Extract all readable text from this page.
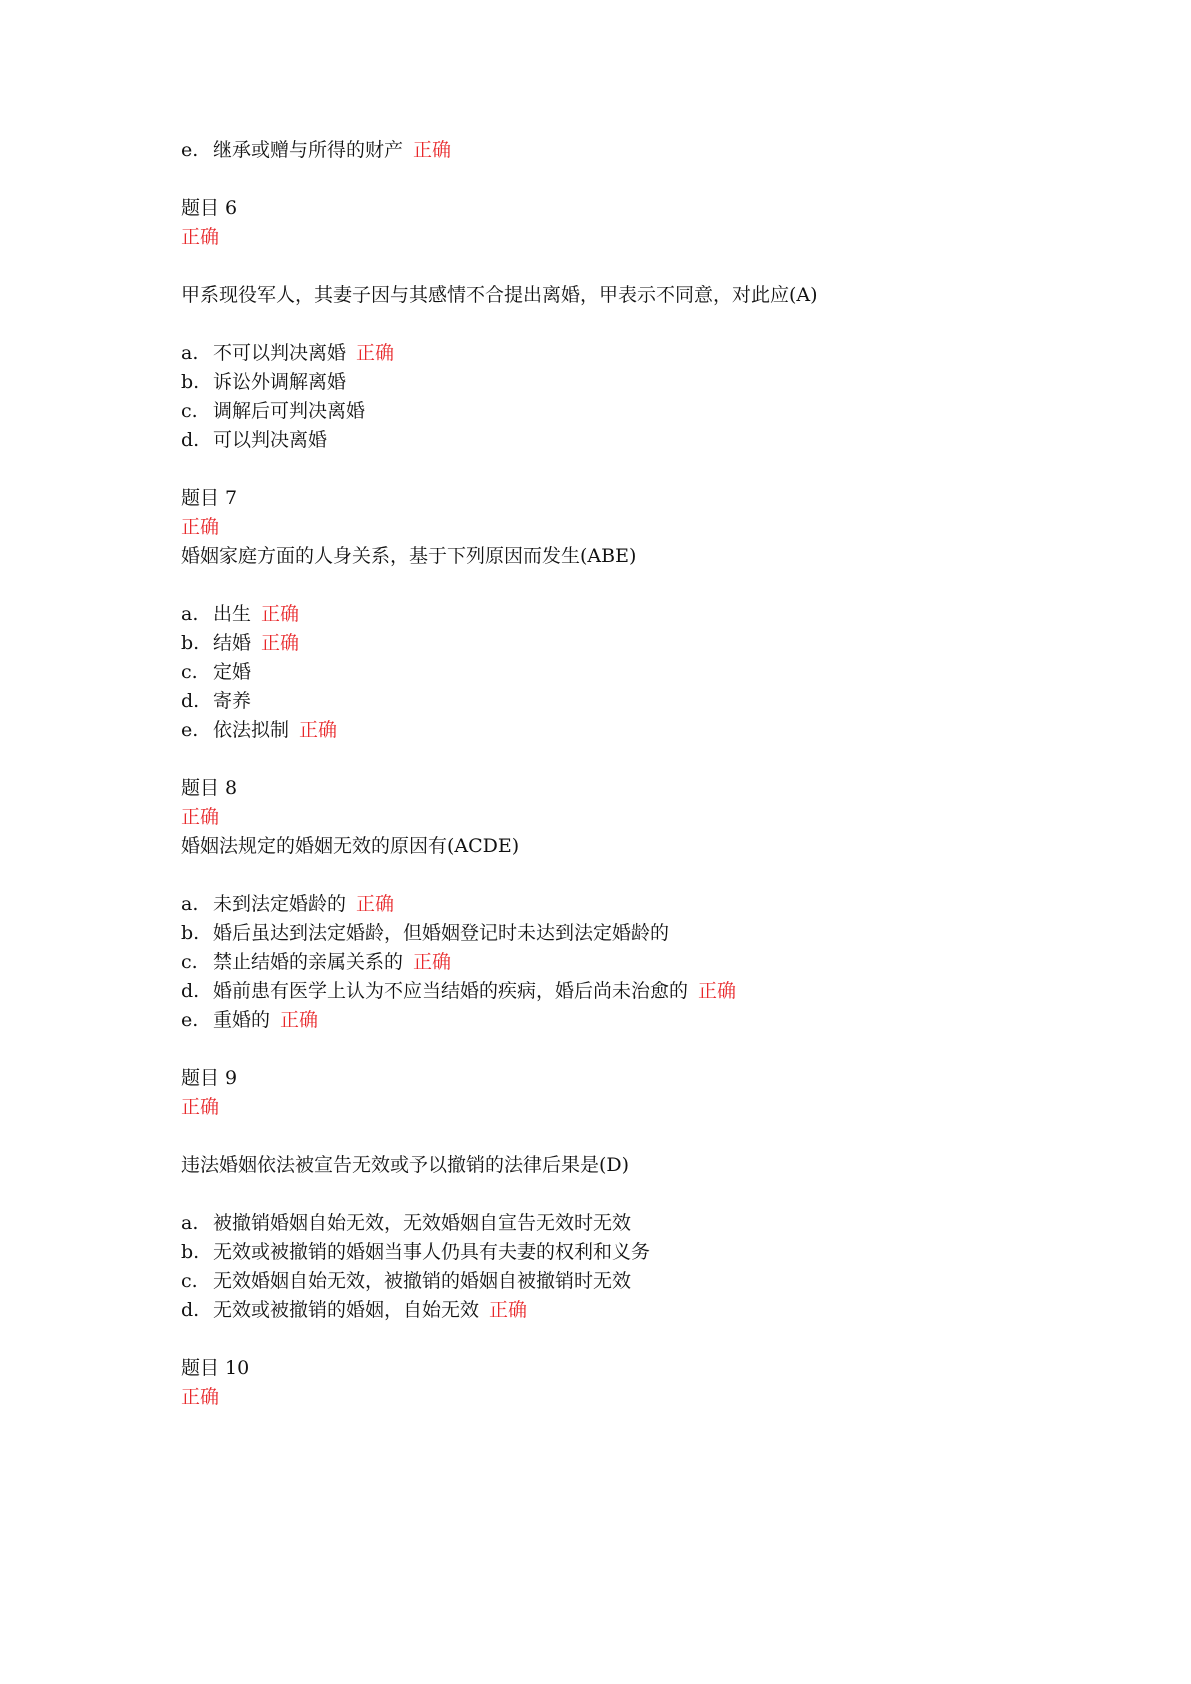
e. 继承或赠与所得的财产 正确
题目 6
正确
甲系现役军人，其妻子因与其感情不合提出离婚，甲表示不同意，对此应(A)
a. 不可以判决离婚 正确
b. 诉讼外调解离婚
c. 调解后可判决离婚
d. 可以判决离婚
题目 7
正确
婚姻家庭方面的人身关系，基于下列原因而发生(ABE)
a. 出生 正确
b. 结婚 正确
c. 定婚
d. 寄养
e. 依法拟制 正确
题目 8
正确
婚姻法规定的婚姻无效的原因有(ACDE)
a. 未到法定婚龄的 正确
b. 婚后虽达到法定婚龄，但婚姻登记时未达到法定婚龄的
c. 禁止结婚的亲属关系的 正确
d. 婚前患有医学上认为不应当结婚的疾病，婚后尚未治愈的 正确
e. 重婚的 正确
题目 9
正确
违法婚姻依法被宣告无效或予以撤销的法律后果是(D)
a. 被撤销婚姻自始无效，无效婚姻自宣告无效时无效
b. 无效或被撤销的婚姻当事人仍具有夫妻的权利和义务
c. 无效婚姻自始无效，被撤销的婚姻自被撤销时无效
d. 无效或被撤销的婚姻，自始无效 正确
题目 10
正确
